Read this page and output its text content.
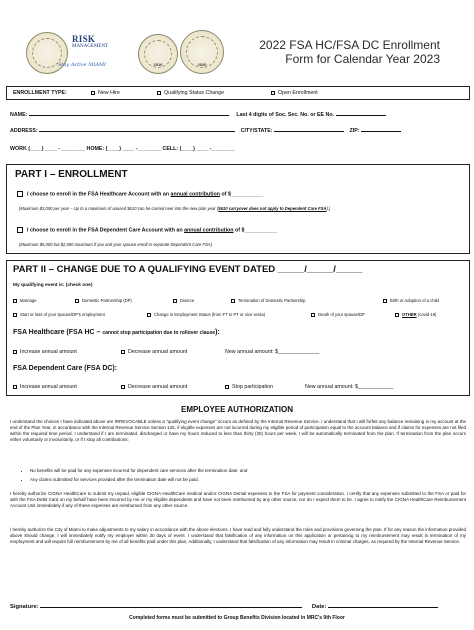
RISK
MANAGEMENT
Stay Active MIAMI	2016	2020
2022 FSA HC/FSA DC Enrollment
Form for Calendar Year 2023
ENROLLMENT TYPE:	New Hire	Qualifying Status Change	Open Enrollment
NAME:	Last 4 digits of Soc. Sec. No. or EE No.
ADDRESS:	CITY/STATE:	ZIP:
WORK (____) ____ - ________ HOME: (____) ____ -________ CELL: (____) ____ -________
PART I – ENROLLMENT
I choose to enroll in the FSA Healthcare Account with an annual contribution of $___________
(Maximum $3,050 per year – Up to a maximum of unused $610 can be carried over into the new plan year ($610 carryover does not apply to Dependent Care FSA).)
I choose to enroll in the FSA Dependent Care Account with an annual contribution of $___________
(Maximum $5,000 but $2,500 maximum if you and your spouse enroll in separate Dependent Care FSA)
PART II – CHANGE DUE TO A QUALIFYING EVENT DATED _____/_____/_____
My qualifying event is: (check one)
Marriage	Domestic Partnership (DP)	Divorce	Termination of Domestic Partnership	Birth or Adoption of a child
Start or loss of your spouse/DP's employment	Change in Employment Status (from FT to PT or vice versa)	Death of your spouse/DP	OTHER (covid-19)
FSA Healthcare (FSA HC – cannot stop participation due to rollover clause):
Increase annual amount	Decrease annual amount	New annual amount: $______________
FSA Dependent Care (FSA DC):
Increase annual amount	Decrease annual amount	Stop participation	New annual amount: $____________
EMPLOYEE AUTHORIZATION
I understand the choices I have indicated above are IRREVOCABLE unless a "qualifying event change" occurs as defined by the Internal Revenue Service. I understand that I will forfeit any balance remaining in my account at the end of the Plan Year, in accordance with the Internal Revenue Service Section 125, if eligible expenses are not incurred during my eligible period of participation equal to the account balance and if claims for expenses are not filed within the required time period. I understand if I am terminated, discharged or have my hours reduced to less than thirty (30) hours per week, I will be automatically terminated from the plan. If termination from the plan occurs either voluntarily or involuntarily, or if I stop all contributions:
• No benefits will be paid for any expenses incurred for dependent care services after the termination date; and
• Any claims submitted for services provided after the termination date will not be paid.
I hereby authorize CIGNA HealthCare to submit my unpaid, eligible CIGNA HealthCare medical and/or CIGNA Dental expenses to the FSA for payment consideration. I certify that any expenses submitted to the FSA or paid for with the FSA Debit Card on my behalf have been incurred by me or my eligible dependents and have not been reimbursed by any other source, nor do I expect them to be. I agree to notify the CIGNA HealthCare Reimbursement Account Unit immediately if any of these expenses are reimbursed from any other source.
I hereby authorize the City of Miami to make adjustments to my salary in accordance with the above elections. I have read and fully understand the rules and provisions governing the plan. If for any reason the information provided above should change, I will immediately notify my employer within 30 days of event. I understand that falsification of any information on this application or pertaining to my reimbursement may result in termination of my employment and will require full reimbursement by me of all benefits paid under this plan. Additionally, I understand that falsification of any information may result in criminal charges, as required by the Internal Revenue Service.
Signature:	Date:
Completed forms must be submitted to Group Benefits Division located in MRC's 9th Floor
